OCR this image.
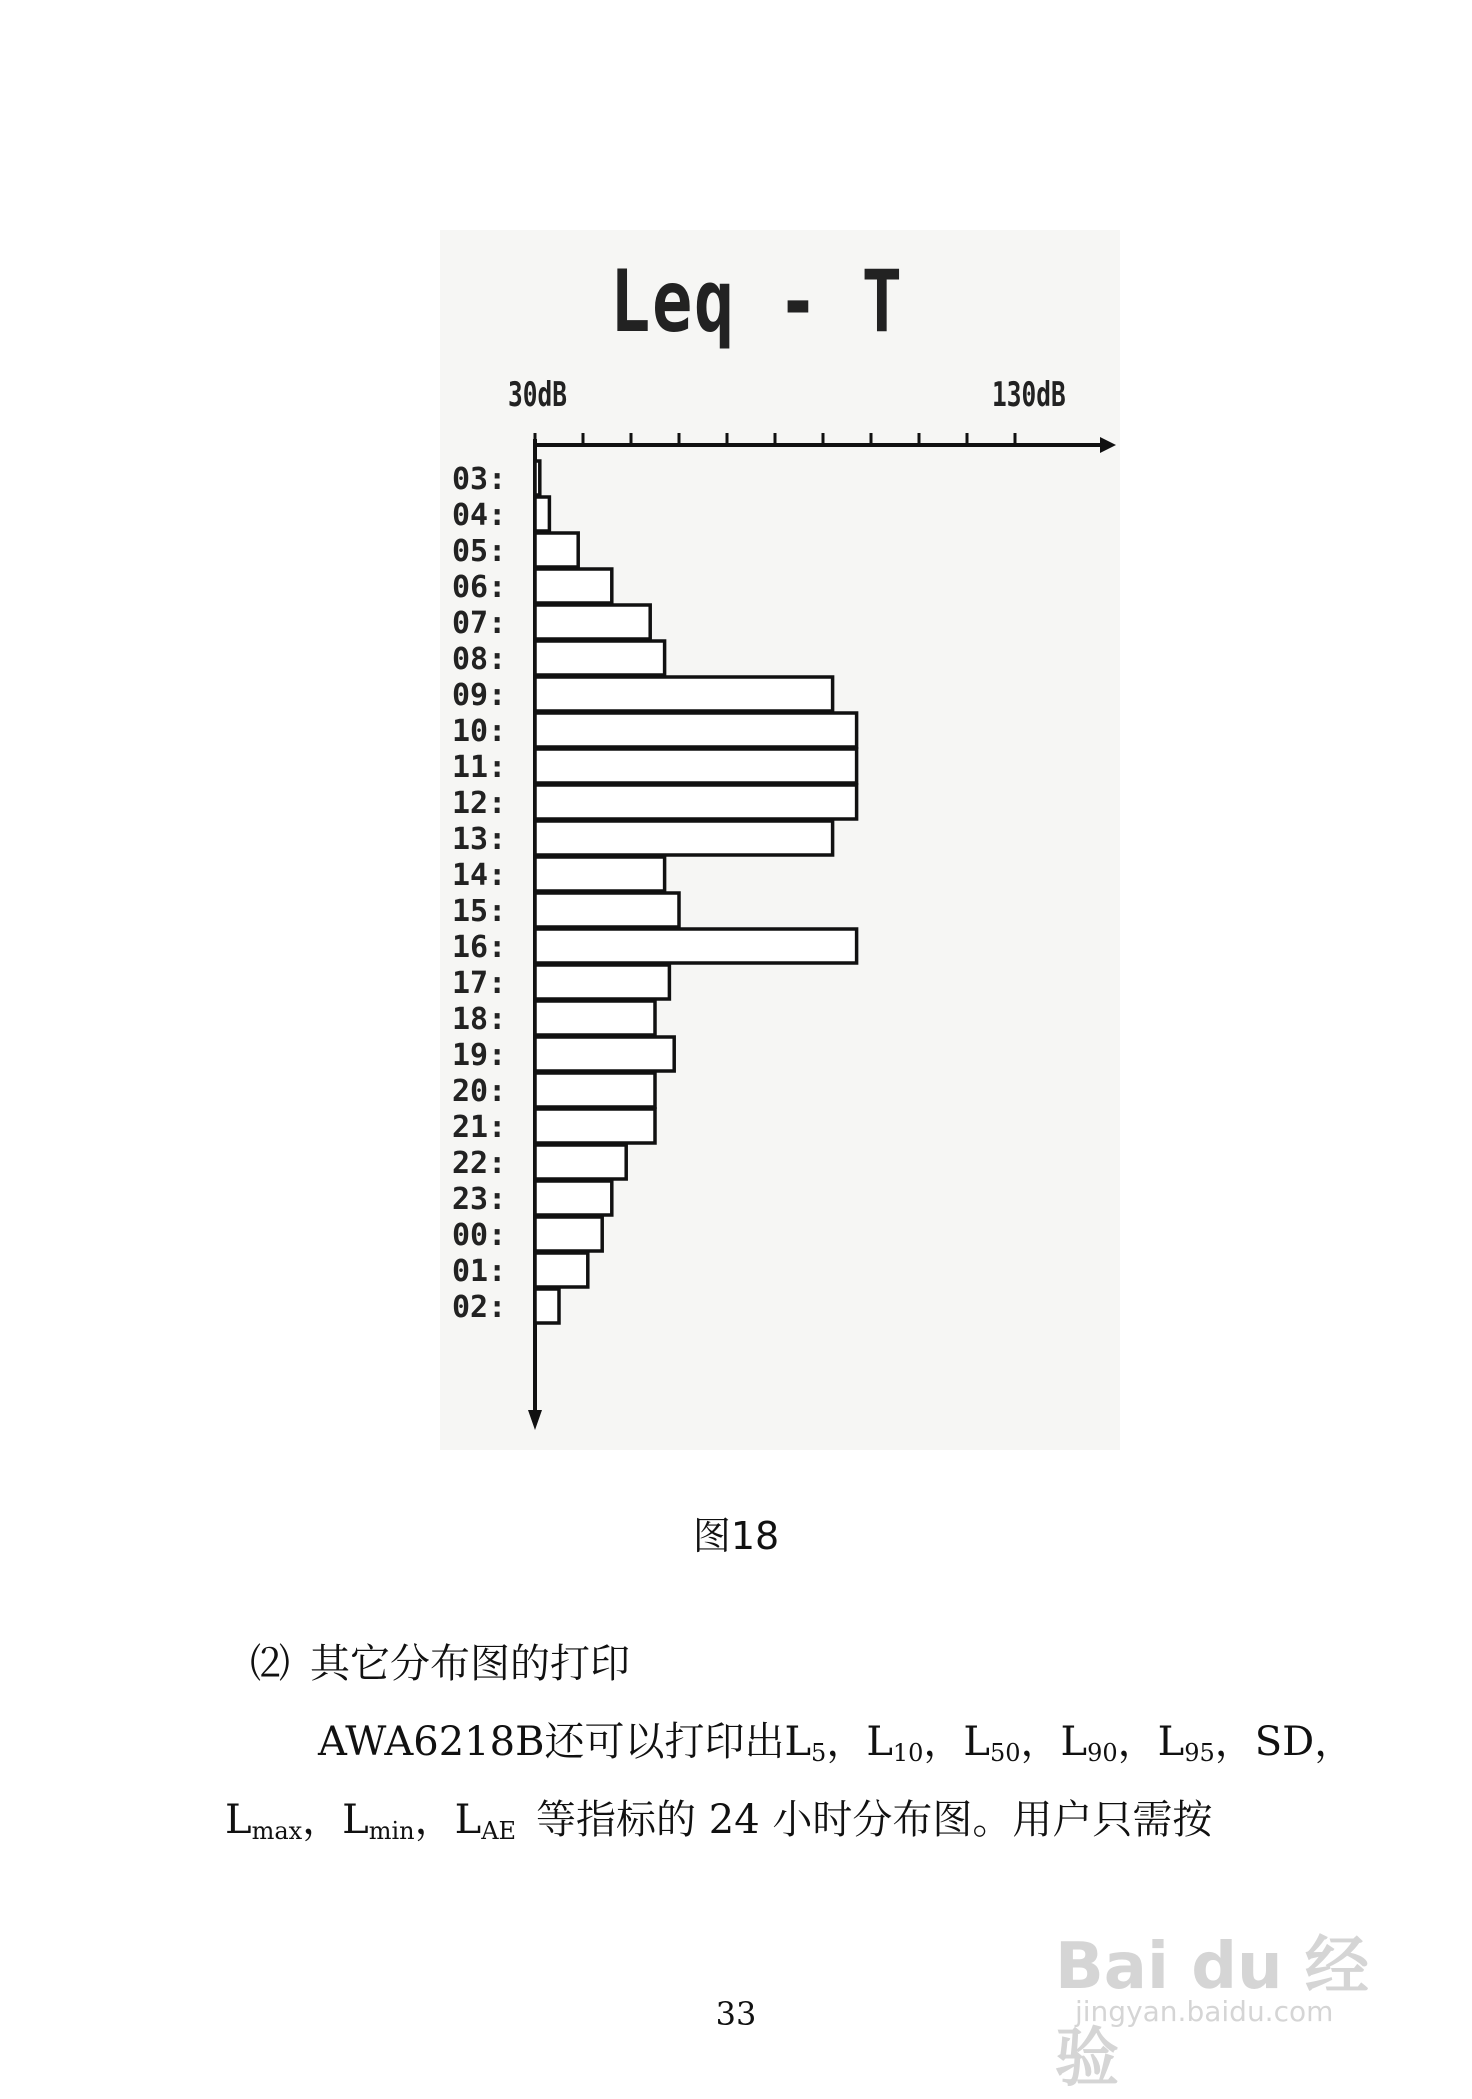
Leq - T
30dB	130dB
03:
04:
05:
06:
07:
08:
09:
10:
11:
12:
13:
14:
15:
16:
17:
18:
19:
20:
21:
22:
23:
00:
01:
02:
图18
⑵  其它分布图的打印
AWA6218B还可以打印出$L_5$，$L_{10}$，$L_{50}$，$L_{90}$，$L_{95}$，SD，
$L_{max}$，$L_{min}$，$L_{AE}$  等指标的 24 小时分布图。用户只需按
33
Bai du 经验
jingyan.baidu.com
